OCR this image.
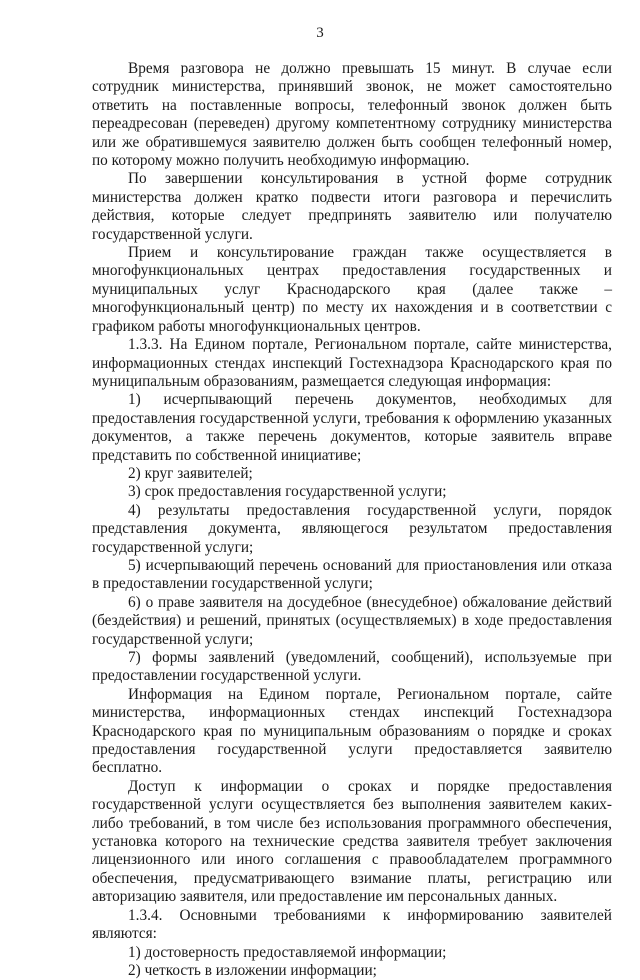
3

Время разговора не должно превышать 15 минут. В случае если сотрудник министерства, принявший звонок, не может самостоятельно ответить на поставленные вопросы, телефонный звонок должен быть переадресован (переведен) другому компетентному сотруднику министерства или же обратившемуся заявителю должен быть сообщен телефонный номер, по которому можно получить необходимую информацию.

По завершении консультирования в устной форме сотрудник министерства должен кратко подвести итоги разговора и перечислить действия, которые следует предпринять заявителю или получателю государственной услуги.

Прием и консультирование граждан также осуществляется в многофункциональных центрах предоставления государственных и муниципальных услуг Краснодарского края (далее также – многофункциональный центр) по месту их нахождения и в соответствии с графиком работы многофункциональных центров.

1.3.3. На Едином портале, Региональном портале, сайте министерства, информационных стендах инспекций Гостехнадзора Краснодарского края по муниципальным образованиям, размещается следующая информация:

1) исчерпывающий перечень документов, необходимых для предоставления государственной услуги, требования к оформлению указанных документов, а также перечень документов, которые заявитель вправе представить по собственной инициативе;

2) круг заявителей;

3) срок предоставления государственной услуги;

4) результаты предоставления государственной услуги, порядок представления документа, являющегося результатом предоставления государственной услуги;

5) исчерпывающий перечень оснований для приостановления или отказа в предоставлении государственной услуги;

6) о праве заявителя на досудебное (внесудебное) обжалование действий (бездействия) и решений, принятых (осуществляемых) в ходе предоставления государственной услуги;

7) формы заявлений (уведомлений, сообщений), используемые при предоставлении государственной услуги.

Информация на Едином портале, Региональном портале, сайте министерства, информационных стендах инспекций Гостехнадзора Краснодарского края по муниципальным образованиям о порядке и сроках предоставления государственной услуги предоставляется заявителю бесплатно.

Доступ к информации о сроках и порядке предоставления государственной услуги осуществляется без выполнения заявителем каких-либо требований, в том числе без использования программного обеспечения, установка которого на технические средства заявителя требует заключения лицензионного или иного соглашения с правообладателем программного обеспечения, предусматривающего взимание платы, регистрацию или авторизацию заявителя, или предоставление им персональных данных.

1.3.4. Основными требованиями к информированию заявителей являются:

1) достоверность предоставляемой информации;

2) четкость в изложении информации;
